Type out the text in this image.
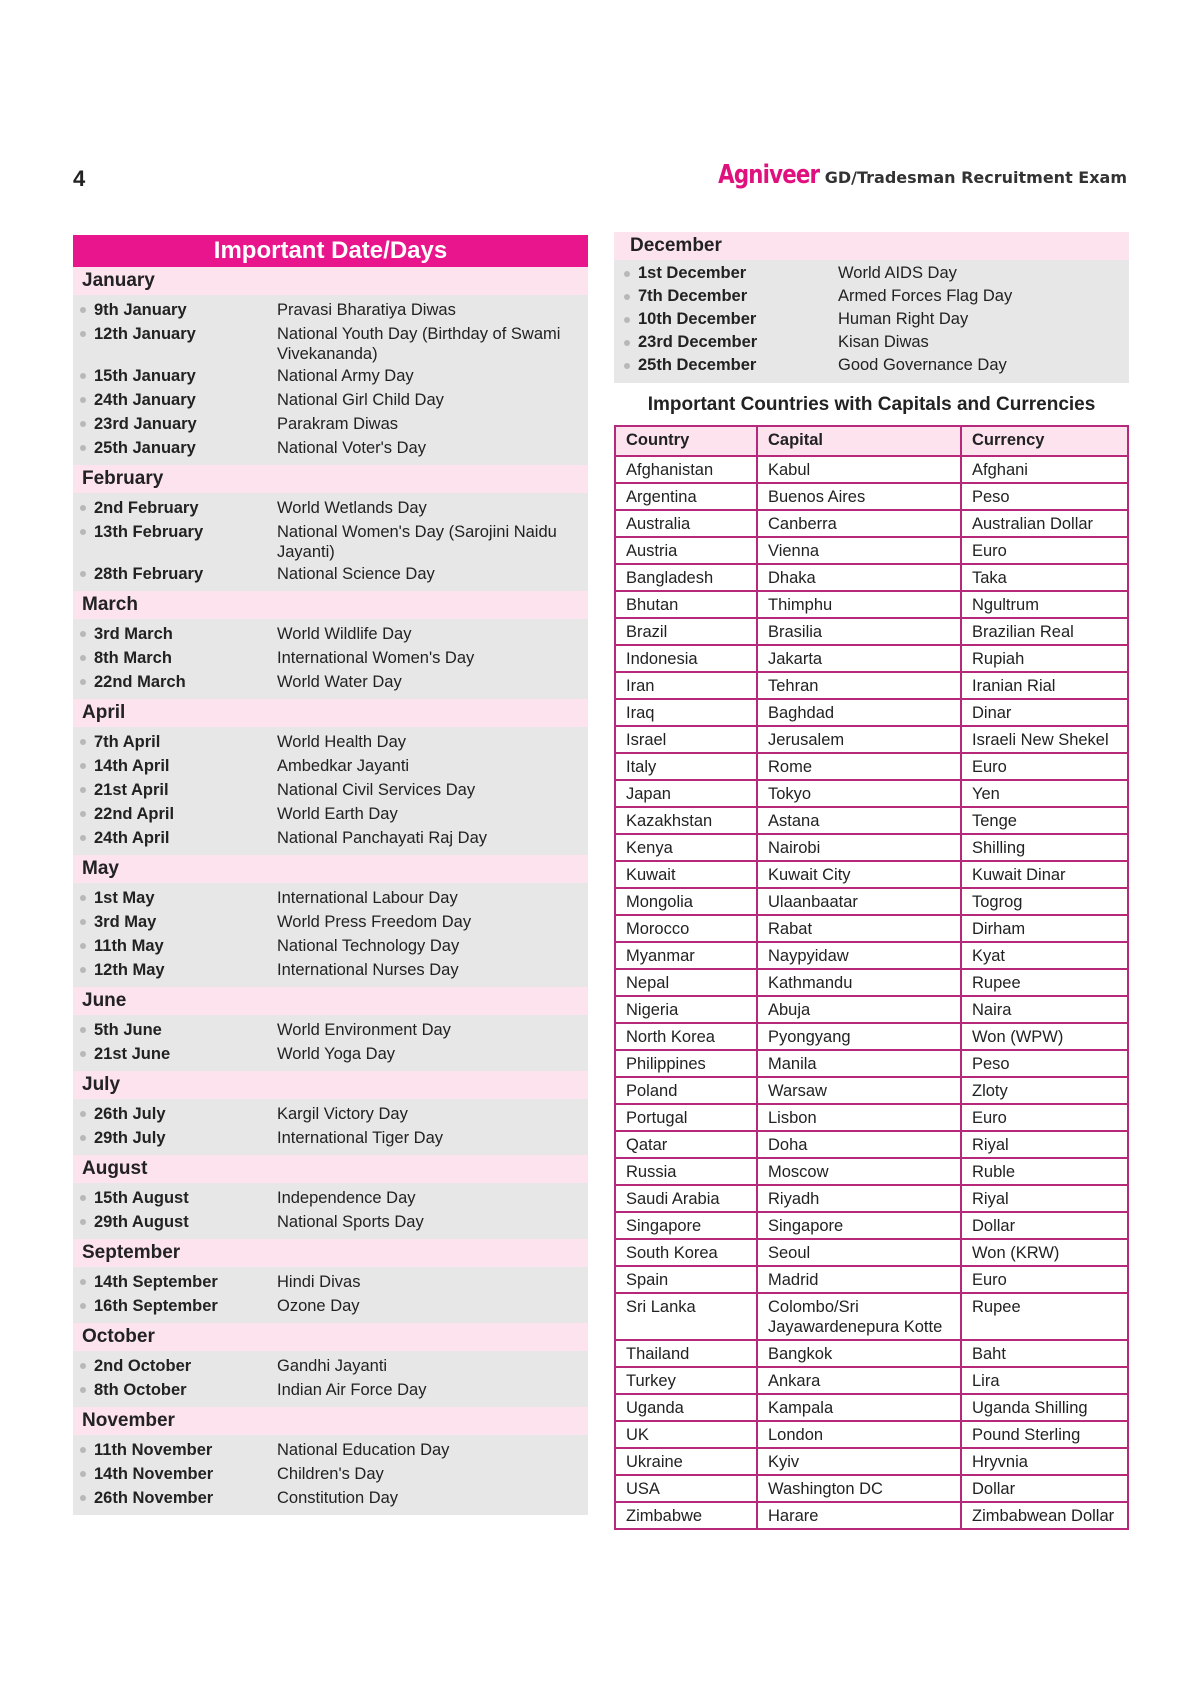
4	Agniveer GD/Tradesman Recruitment Exam
Important Date/Days
January
9th January	Pravasi Bharatiya Diwas
12th January	National Youth Day (Birthday of Swami Vivekananda)
15th January	National Army Day
24th January	National Girl Child Day
23rd January	Parakram Diwas
25th January	National Voter's Day
February
2nd February	World Wetlands Day
13th February	National Women's Day (Sarojini Naidu Jayanti)
28th February	National Science Day
March
3rd March	World Wildlife Day
8th March	International Women's Day
22nd March	World Water Day
April
7th April	World Health Day
14th April	Ambedkar Jayanti
21st April	National Civil Services Day
22nd April	World Earth Day
24th April	National Panchayati Raj Day
May
1st May	International Labour Day
3rd May	World Press Freedom Day
11th May	National Technology Day
12th May	International Nurses Day
June
5th June	World Environment Day
21st June	World Yoga Day
July
26th July	Kargil Victory Day
29th July	International Tiger Day
August
15th August	Independence Day
29th August	National Sports Day
September
14th September	Hindi Divas
16th September	Ozone Day
October
2nd October	Gandhi Jayanti
8th October	Indian Air Force Day
November
11th November	National Education Day
14th November	Children's Day
26th November	Constitution Day
December
1st December	World AIDS Day
7th December	Armed Forces Flag Day
10th December	Human Right Day
23rd December	Kisan Diwas
25th December	Good Governance Day
Important Countries with Capitals and Currencies
Country	Capital	Currency
Afghanistan	Kabul	Afghani
Argentina	Buenos Aires	Peso
Australia	Canberra	Australian Dollar
Austria	Vienna	Euro
Bangladesh	Dhaka	Taka
Bhutan	Thimphu	Ngultrum
Brazil	Brasilia	Brazilian Real
Indonesia	Jakarta	Rupiah
Iran	Tehran	Iranian Rial
Iraq	Baghdad	Dinar
Israel	Jerusalem	Israeli New Shekel
Italy	Rome	Euro
Japan	Tokyo	Yen
Kazakhstan	Astana	Tenge
Kenya	Nairobi	Shilling
Kuwait	Kuwait City	Kuwait Dinar
Mongolia	Ulaanbaatar	Togrog
Morocco	Rabat	Dirham
Myanmar	Naypyidaw	Kyat
Nepal	Kathmandu	Rupee
Nigeria	Abuja	Naira
North Korea	Pyongyang	Won (WPW)
Philippines	Manila	Peso
Poland	Warsaw	Zloty
Portugal	Lisbon	Euro
Qatar	Doha	Riyal
Russia	Moscow	Ruble
Saudi Arabia	Riyadh	Riyal
Singapore	Singapore	Dollar
South Korea	Seoul	Won (KRW)
Spain	Madrid	Euro
Sri Lanka	Colombo/Sri Jayawardenepura Kotte	Rupee
Thailand	Bangkok	Baht
Turkey	Ankara	Lira
Uganda	Kampala	Uganda Shilling
UK	London	Pound Sterling
Ukraine	Kyiv	Hryvnia
USA	Washington DC	Dollar
Zimbabwe	Harare	Zimbabwean Dollar
